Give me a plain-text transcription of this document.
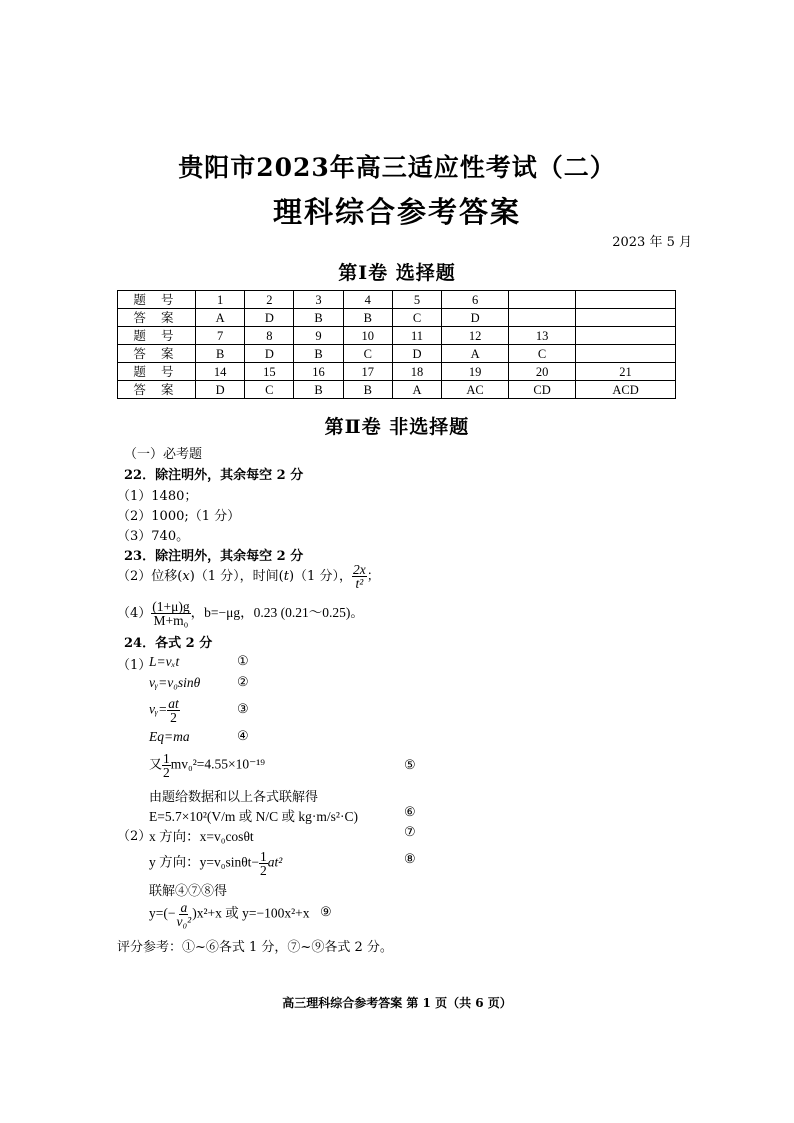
贵阳市2023年高三适应性考试（二）
理科综合参考答案
2023 年 5 月
第Ⅰ卷 选择题
题 号	1	2	3	4	5	6		
答 案	A	D	B	B	C	D		
题 号	7	8	9	10	11	12	13	
答 案	B	D	B	C	D	A	C	
题 号	14	15	16	17	18	19	20	21
答 案	D	C	B	B	A	AC	CD	ACD
第Ⅱ卷 非选择题
（一）必考题
22．除注明外，其余每空 2 分
（1）1480；
（2）1000;（1 分）
（3）740。
23．除注明外，其余每空 2 分
（2）位移(x)（1 分），时间(t)（1 分）， $\frac{2x}{\text{t²}}$ ；
$(4) \frac{(1+\mu)g}{\text{M+m₀}}$ ，b=−μg，0.23 (0.21～0.25)。
24．各式 2 分
（1）
L=vₓt
vᵧ=v₀sinθ
vᵧ= $\frac{at}{2}$
Eq=ma
又 $\frac{1}{2} mv_0^2=4.55\times 10^{-19}$
由题给数据和以上各式联解得
E=5.7×10²(V/m 或 N/C 或 kg·m/s²·C)
（2）
x 方向：x=v₀cosθt
y 方向：$y=v_0\sin\theta t- \frac{1}{2} at^2$
联解④⑦⑧得
$y=(- \frac{a}{\text{v₀²}} )x^2+x$ 或 y=−100x²+x
①
②
③
④
⑤
⑥
⑦
⑧
⑨
评分参考：①~⑥各式 1 分，⑦~⑨各式 2 分。
高三理科综合参考答案 第 1 页（共 6 页）
